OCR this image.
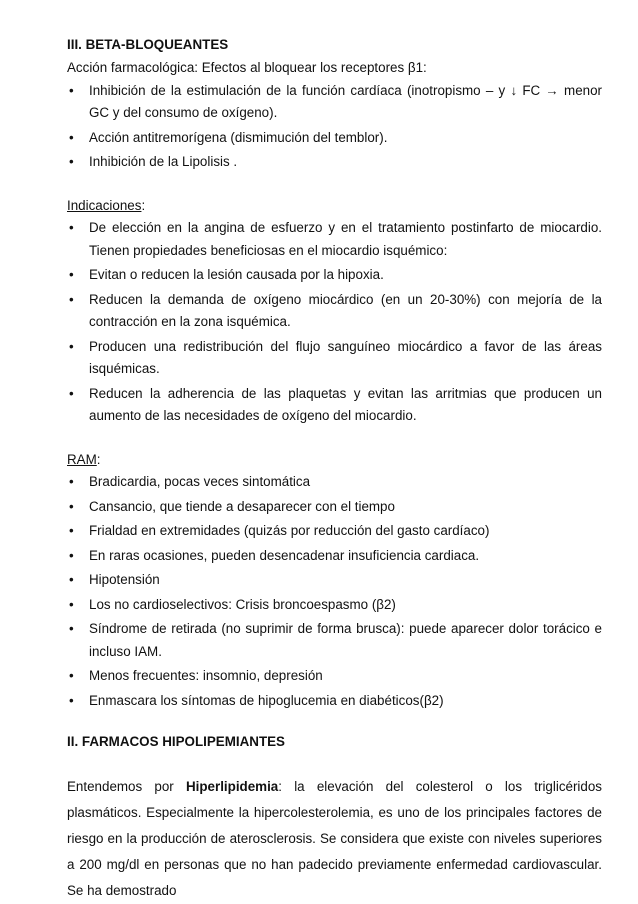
III. BETA-BLOQUEANTES

Acción farmacológica: Efectos al bloquear los receptores β1:

• Inhibición de la estimulación de la función cardíaca (inotropismo – y ↓ FC → menor GC y del consumo de oxígeno).
• Acción antitremorígena (dismimución del temblor).
• Inhibición de la Lipolisis .

Indicaciones:

• De elección en la angina de esfuerzo y en el tratamiento postinfarto de miocardio. Tienen propiedades beneficiosas en el miocardio isquémico:
• Evitan o reducen la lesión causada por la hipoxia.
• Reducen la demanda de oxígeno miocárdico (en un 20-30%) con mejoría de la contracción en la zona isquémica.
• Producen una redistribución del flujo sanguíneo miocárdico a favor de las áreas isquémicas.
• Reducen la adherencia de las plaquetas y evitan las arritmias que producen un aumento de las necesidades de oxígeno del miocardio.

RAM:

• Bradicardia, pocas veces sintomática
• Cansancio, que tiende a desaparecer con el tiempo
• Frialdad en extremidades (quizás por reducción del gasto cardíaco)
• En raras ocasiones, pueden desencadenar insuficiencia cardiaca.
• Hipotensión
• Los no cardioselectivos: Crisis broncoespasmo (β2)
• Síndrome de retirada (no suprimir de forma brusca): puede aparecer dolor torácico e incluso IAM.
• Menos frecuentes: insomnio, depresión
• Enmascara los síntomas de hipoglucemia en diabéticos(β2)

II. FARMACOS HIPOLIPEMIANTES

Entendemos por Hiperlipidemia: la elevación del colesterol o los triglicéridos plasmáticos. Especialmente la hipercolesterolemia, es uno de los principales factores de riesgo en la producción de aterosclerosis. Se considera que existe con niveles superiores a 200 mg/dl en personas que no han padecido previamente enfermedad cardiovascular. Se ha demostrado
